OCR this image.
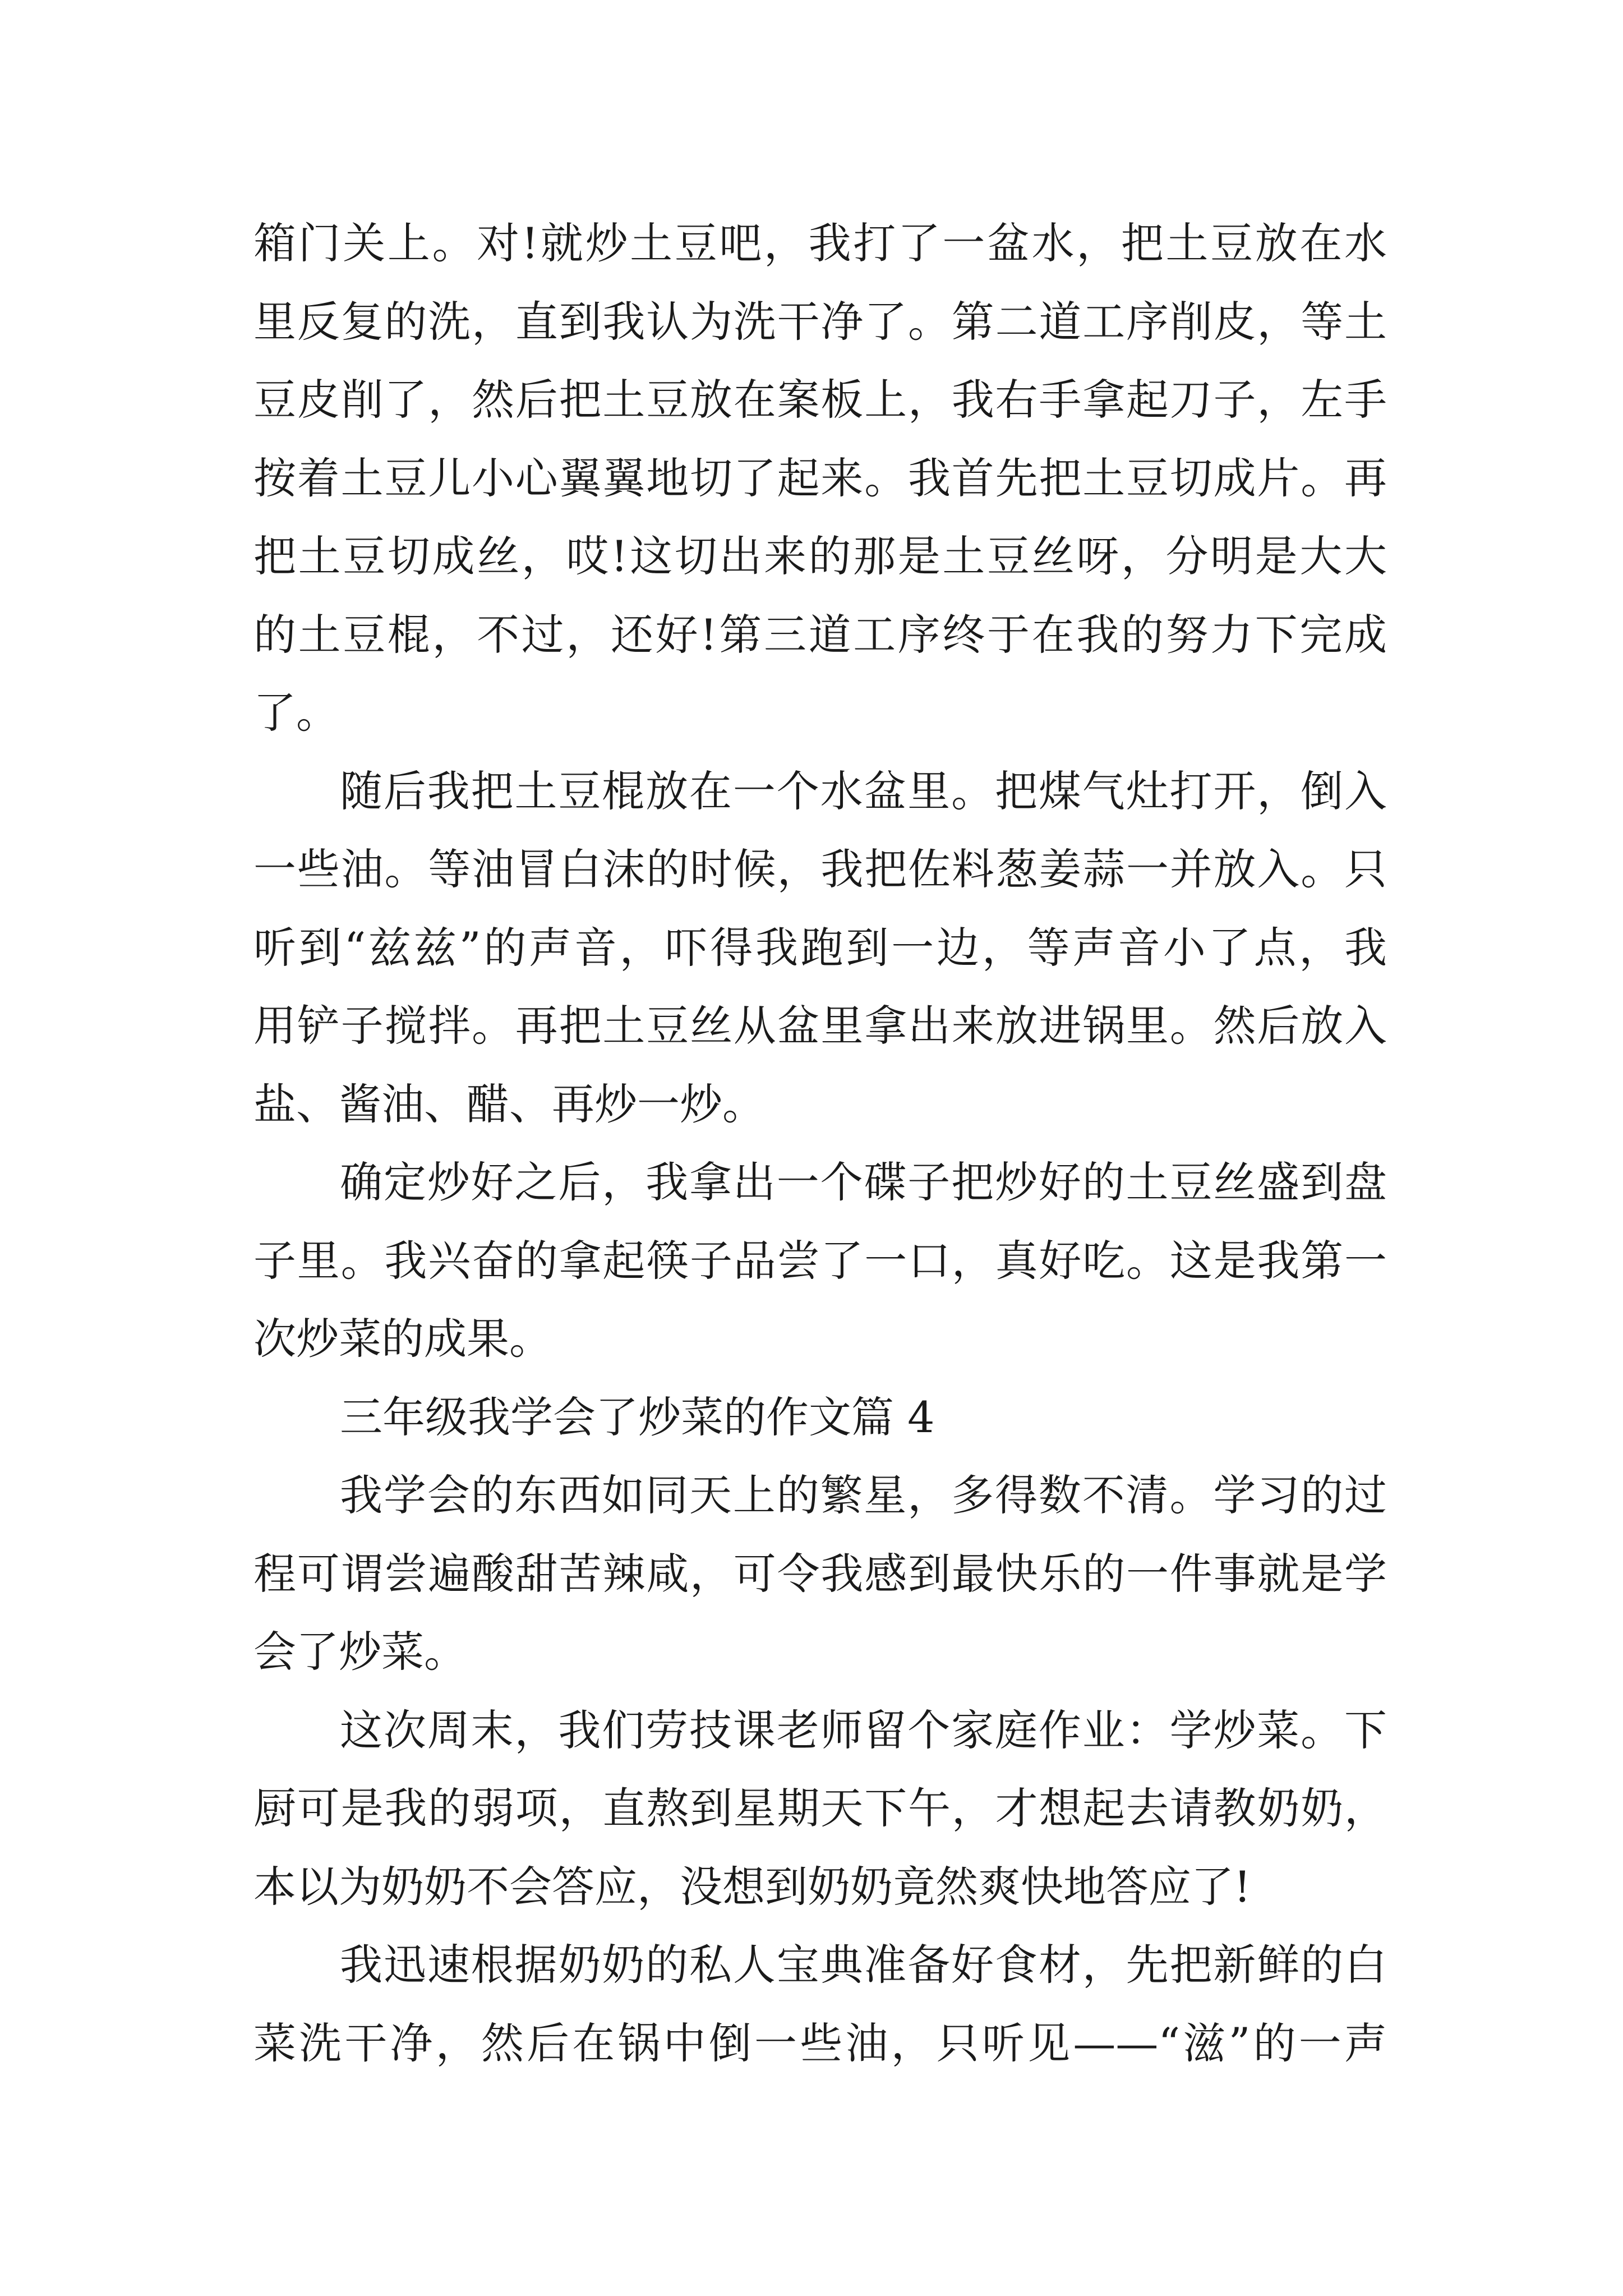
箱门关上。对!就炒土豆吧，我打了一盆水，把土豆放在水
里反复的洗，直到我认为洗干净了。第二道工序削皮，等土
豆皮削了，然后把土豆放在案板上，我右手拿起刀子，左手
按着土豆儿小心翼翼地切了起来。我首先把土豆切成片。再
把土豆切成丝，哎!这切出来的那是土豆丝呀，分明是大大
的土豆棍，不过，还好!第三道工序终于在我的努力下完成
了。
随后我把土豆棍放在一个水盆里。把煤气灶打开，倒入
一些油。等油冒白沫的时候，我把佐料葱姜蒜一并放入。只
听到“兹兹”的声音，吓得我跑到一边，等声音小了点，我
用铲子搅拌。再把土豆丝从盆里拿出来放进锅里。然后放入
盐、酱油、醋、再炒一炒。
确定炒好之后，我拿出一个碟子把炒好的土豆丝盛到盘
子里。我兴奋的拿起筷子品尝了一口，真好吃。这是我第一
次炒菜的成果。
三年级我学会了炒菜的作文篇 4
我学会的东西如同天上的繁星，多得数不清。学习的过
程可谓尝遍酸甜苦辣咸，可令我感到最快乐的一件事就是学
会了炒菜。
这次周末，我们劳技课老师留个家庭作业：学炒菜。下
厨可是我的弱项，直熬到星期天下午，才想起去请教奶奶，
本以为奶奶不会答应，没想到奶奶竟然爽快地答应了!
我迅速根据奶奶的私人宝典准备好食材，先把新鲜的白
菜洗干净，然后在锅中倒一些油，只听见——“滋”的一声
